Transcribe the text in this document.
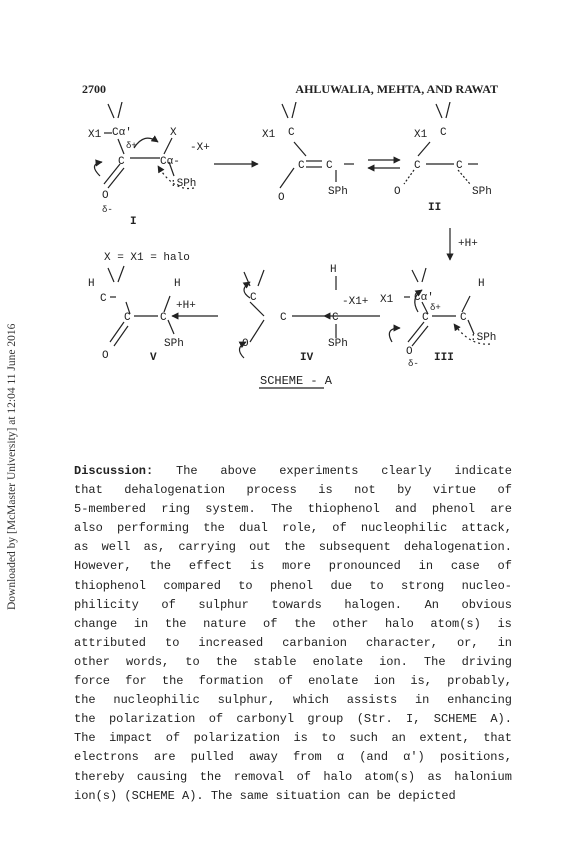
Downloaded by [McMaster University] at 12:04 11 June 2016
2700	AHLUWALIA, MEHTA, AND RAWAT
X1 Cα'
δ+
C	Cα-
X
-X+
O
δ-
:SPh
I
X = X1 = halo
X1 C
C C
O	SPh
X1 C
C	C
O	SPh
II
+H+
X1 Cα'
δ+
C	C
H
O
δ-
:SPh
III
H
C
-X1+
SPh
C
C
O
IV
+H+
H
C
C	C
H
O
SPh
V
SCHEME - A
Discussion: The above experiments clearly indicate
that dehalogenation process is not by virtue of
5-membered ring system. The thiophenol and phenol are
also performing the dual role, of nucleophilic attack,
as well as, carrying out the subsequent dehalogenation.
However, the effect is more pronounced in case of
thiophenol compared to phenol due to strong nucleo-
philicity of sulphur towards halogen. An obvious
change in the nature of the other halo atom(s) is
attributed to increased carbanion character, or, in
other words, to the stable enolate ion. The driving
force for the formation of enolate ion is, probably,
the nucleophilic sulphur, which assists in enhancing
the polarization of carbonyl group (Str. I, SCHEME A).
The impact of polarization is to such an extent, that
electrons are pulled away from α (and α') positions,
thereby causing the removal of halo atom(s) as halonium
ion(s) (SCHEME A). The same situation can be depicted
